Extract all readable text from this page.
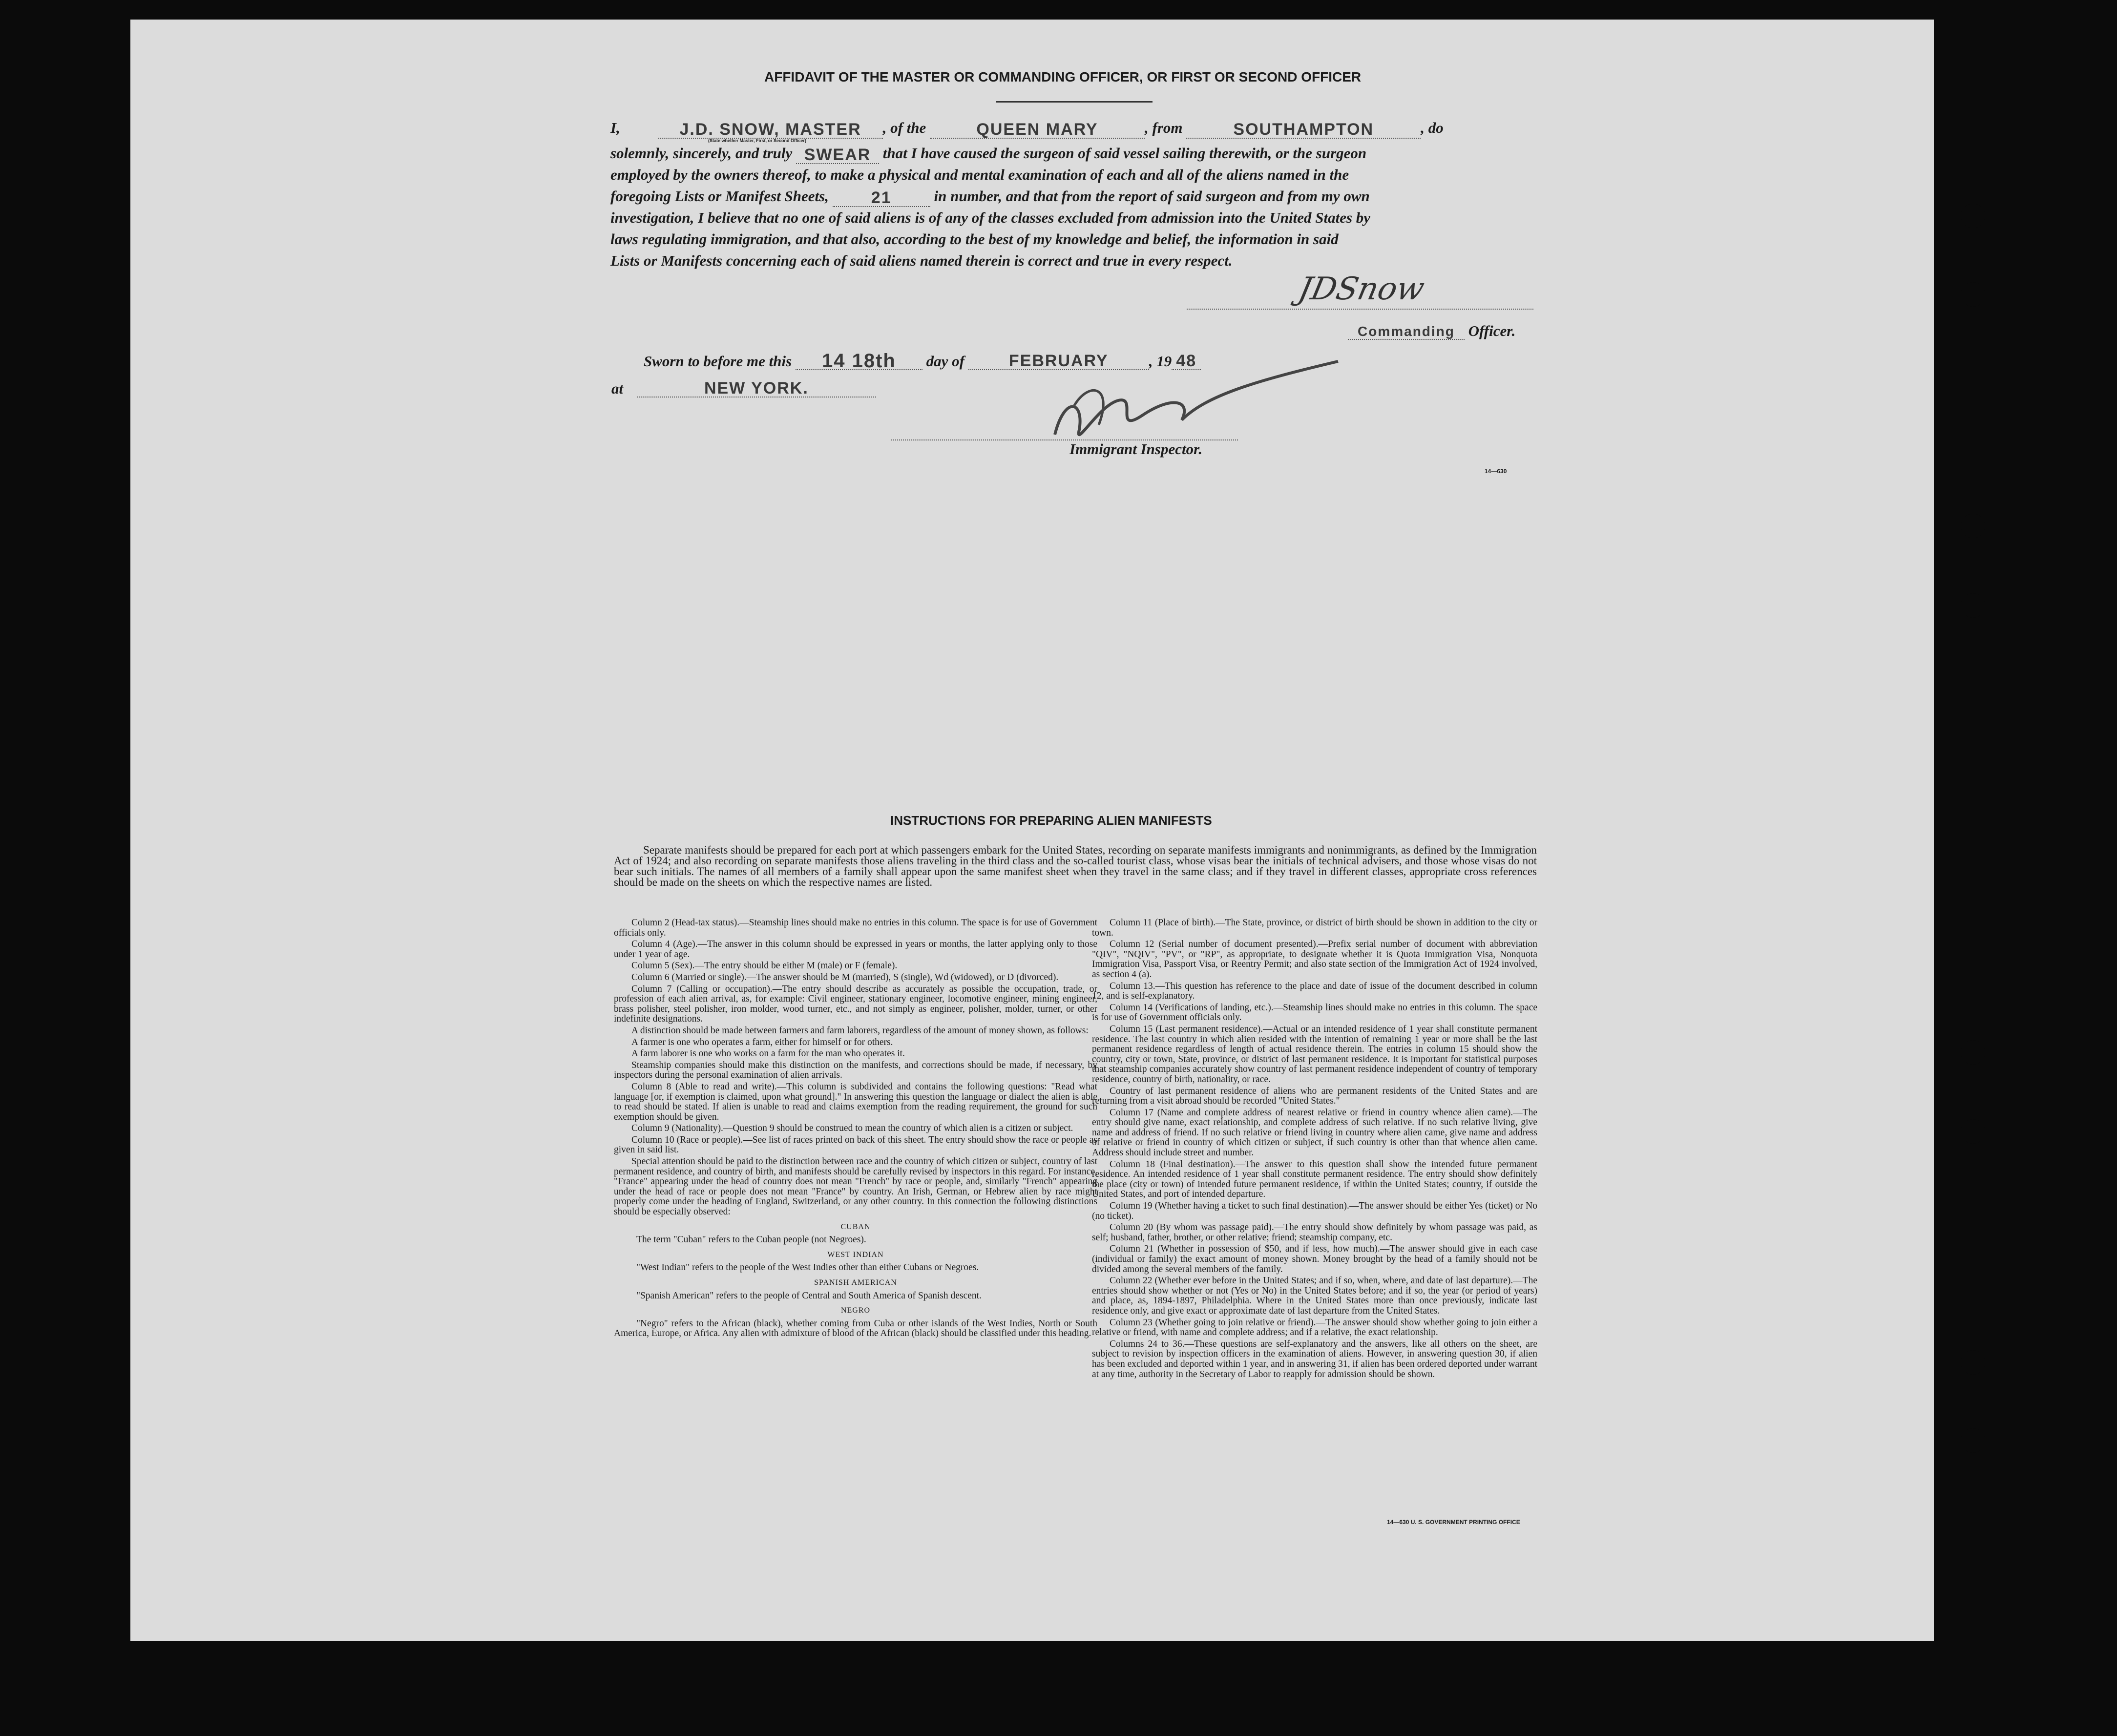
AFFIDAVIT OF THE MASTER OR COMMANDING OFFICER, OR FIRST OR SECOND OFFICER
I,	J.D. SNOW, MASTER , of the	QUEEN MARY	, from	SOUTHAMPTON	, do
(State whether Master, First, or Second Officer)
solemnly, sincerely, and truly SWEAR that I have caused the surgeon of said vessel sailing therewith, or the surgeon
employed by the owners thereof, to make a physical and mental examination of each and all of the aliens named in the
foregoing Lists or Manifest Sheets,	21	in number, and that from the report of said surgeon and from my own
investigation, I believe that no one of said aliens is of any of the classes excluded from admission into the United States by
laws regulating immigration, and that also, according to the best of my knowledge and belief, the information in said
Lists or Manifests concerning each of said aliens named therein is correct and true in every respect.
JDSnow
Commanding Officer.
Sworn to before me this 14 18th day of	FEBRUARY	, 19 48
at	NEW YORK.
Immigrant Inspector.
14—630
INSTRUCTIONS FOR PREPARING ALIEN MANIFESTS

Separate manifests should be prepared for each port at which passengers embark for the United States, recording on separate manifests immigrants and nonimmigrants, as defined by the Immigration Act of 1924; and also recording on separate manifests those aliens traveling in the third class and the so-called tourist class, whose visas bear the initials of technical advisers, and those whose visas do not bear such initials. The names of all members of a family shall appear upon the same manifest sheet when they travel in the same class; and if they travel in different classes, appropriate cross references should be made on the sheets on which the respective names are listed.

Column 2 (Head-tax status).—Steamship lines should make no entries in this column. The space is for use of Government officials only.

Column 4 (Age).—The answer in this column should be expressed in years or months, the latter applying only to those under 1 year of age.

Column 5 (Sex).—The entry should be either M (male) or F (female).

Column 6 (Married or single).—The answer should be M (married), S (single), Wd (widowed), or D (divorced).

Column 7 (Calling or occupation).—The entry should describe as accurately as possible the occupation, trade, or profession of each alien arrival, as, for example: Civil engineer, stationary engineer, locomotive engineer, mining engineer, brass polisher, steel polisher, iron molder, wood turner, etc., and not simply as engineer, polisher, molder, turner, or other indefinite designations.

A distinction should be made between farmers and farm laborers, regardless of the amount of money shown, as follows:

A farmer is one who operates a farm, either for himself or for others.

A farm laborer is one who works on a farm for the man who operates it.

Steamship companies should make this distinction on the manifests, and corrections should be made, if necessary, by inspectors during the personal examination of alien arrivals.

Column 8 (Able to read and write).—This column is subdivided and contains the following questions: "Read what language [or, if exemption is claimed, upon what ground]." In answering this question the language or dialect the alien is able to read should be stated. If alien is unable to read and claims exemption from the reading requirement, the ground for such exemption should be given.

Column 9 (Nationality).—Question 9 should be construed to mean the country of which alien is a citizen or subject.

Column 10 (Race or people).—See list of races printed on back of this sheet. The entry should show the race or people as given in said list.

Special attention should be paid to the distinction between race and the country of which citizen or subject, country of last permanent residence, and country of birth, and manifests should be carefully revised by inspectors in this regard. For instance, "France" appearing under the head of country does not mean "French" by race or people, and, similarly "French" appearing under the head of race or people does not mean "France" by country. An Irish, German, or Hebrew alien by race might properly come under the heading of England, Switzerland, or any other country. In this connection the following distinctions should be especially observed:

CUBAN

The term "Cuban" refers to the Cuban people (not Negroes).

WEST INDIAN

"West Indian" refers to the people of the West Indies other than either Cubans or Negroes.

SPANISH AMERICAN

"Spanish American" refers to the people of Central and South America of Spanish descent.

NEGRO

"Negro" refers to the African (black), whether coming from Cuba or other islands of the West Indies, North or South America, Europe, or Africa. Any alien with admixture of blood of the African (black) should be classified under this heading.

Column 11 (Place of birth).—The State, province, or district of birth should be shown in addition to the city or town.

Column 12 (Serial number of document presented).—Prefix serial number of document with abbreviation "QIV", "NQIV", "PV", or "RP", as appropriate, to designate whether it is Quota Immigration Visa, Nonquota Immigration Visa, Passport Visa, or Reentry Permit; and also state section of the Immigration Act of 1924 involved, as section 4 (a).

Column 13.—This question has reference to the place and date of issue of the document described in column 12, and is self-explanatory.

Column 14 (Verifications of landing, etc.).—Steamship lines should make no entries in this column. The space is for use of Government officials only.

Column 15 (Last permanent residence).—Actual or an intended residence of 1 year shall constitute permanent residence. The last country in which alien resided with the intention of remaining 1 year or more shall be the last permanent residence regardless of length of actual residence therein. The entries in column 15 should show the country, city or town, State, province, or district of last permanent residence. It is important for statistical purposes that steamship companies accurately show country of last permanent residence independent of country of temporary residence, country of birth, nationality, or race.

Country of last permanent residence of aliens who are permanent residents of the United States and are returning from a visit abroad should be recorded "United States."

Column 17 (Name and complete address of nearest relative or friend in country whence alien came).—The entry should give name, exact relationship, and complete address of such relative. If no such relative living, give name and address of friend. If no such relative or friend living in country where alien came, give name and address of relative or friend in country of which citizen or subject, if such country is other than that whence alien came. Address should include street and number.

Column 18 (Final destination).—The answer to this question shall show the intended future permanent residence. An intended residence of 1 year shall constitute permanent residence. The entry should show definitely the place (city or town) of intended future permanent residence, if within the United States; country, if outside the United States, and port of intended departure.

Column 19 (Whether having a ticket to such final destination).—The answer should be either Yes (ticket) or No (no ticket).

Column 20 (By whom was passage paid).—The entry should show definitely by whom passage was paid, as self; husband, father, brother, or other relative; friend; steamship company, etc.

Column 21 (Whether in possession of $50, and if less, how much).—The answer should give in each case (individual or family) the exact amount of money shown. Money brought by the head of a family should not be divided among the several members of the family.

Column 22 (Whether ever before in the United States; and if so, when, where, and date of last departure).—The entries should show whether or not (Yes or No) in the United States before; and if so, the year (or period of years) and place, as, 1894-1897, Philadelphia. Where in the United States more than once previously, indicate last residence only, and give exact or approximate date of last departure from the United States.

Column 23 (Whether going to join relative or friend).—The answer should show whether going to join either a relative or friend, with name and complete address; and if a relative, the exact relationship.

Columns 24 to 36.—These questions are self-explanatory and the answers, like all others on the sheet, are subject to revision by inspection officers in the examination of aliens. However, in answering question 30, if alien has been excluded and deported within 1 year, and in answering 31, if alien has been ordered deported under warrant at any time, authority in the Secretary of Labor to reapply for admission should be shown.

14—630 U. S. GOVERNMENT PRINTING OFFICE
